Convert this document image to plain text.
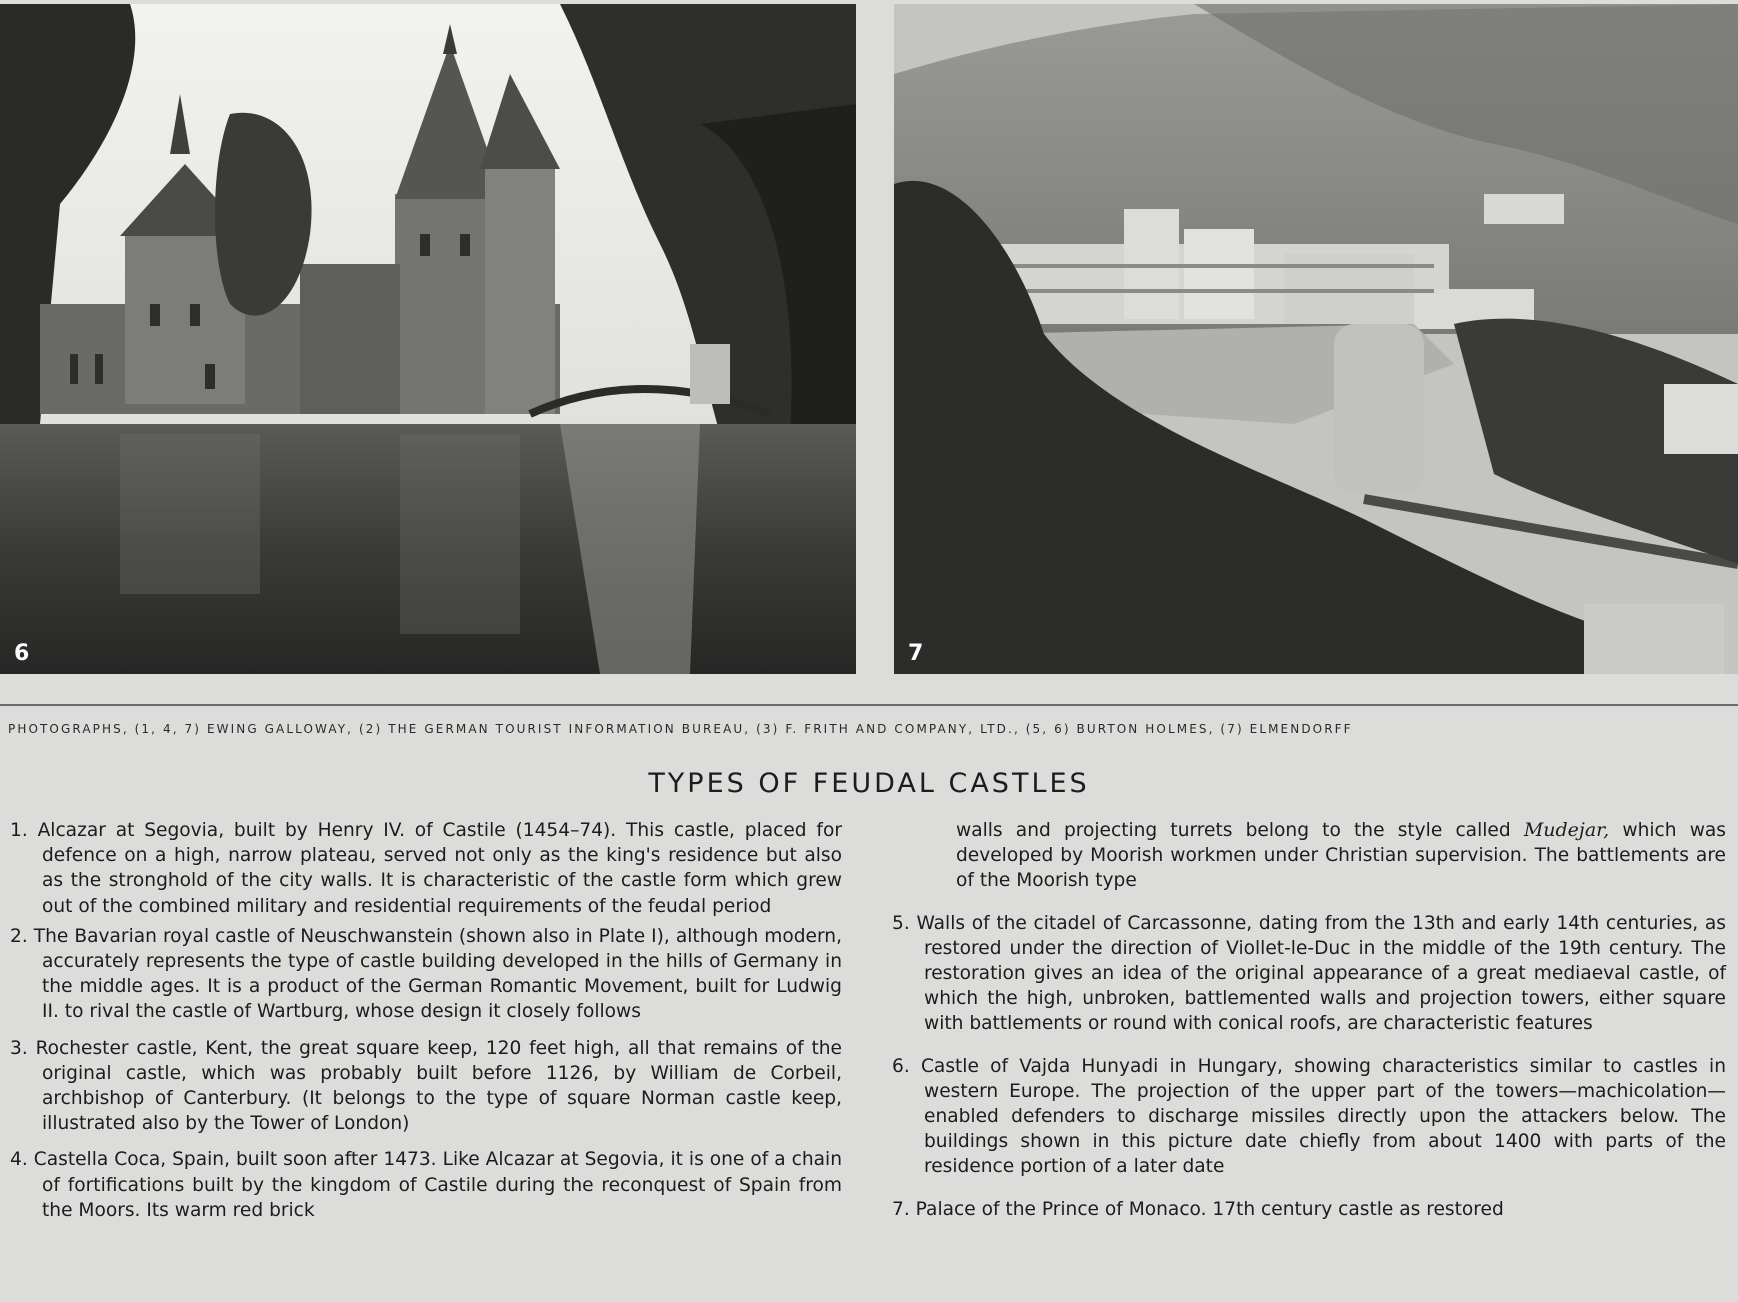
6	7
PHOTOGRAPHS, (1, 4, 7) EWING GALLOWAY, (2) THE GERMAN TOURIST INFORMATION BUREAU, (3) F. FRITH AND COMPANY, LTD., (5, 6) BURTON HOLMES, (7) ELMENDORFF
TYPES OF FEUDAL CASTLES

1. Alcazar at Segovia, built by Henry IV. of Castile (1454–74). This castle, placed for defence on a high, narrow plateau, served not only as the king's residence but also as the stronghold of the city walls. It is characteristic of the castle form which grew out of the combined military and residential requirements of the feudal period

2. The Bavarian royal castle of Neuschwanstein (shown also in Plate I), although modern, accurately represents the type of castle building developed in the hills of Germany in the middle ages. It is a product of the German Romantic Movement, built for Ludwig II. to rival the castle of Wartburg, whose design it closely follows

3. Rochester castle, Kent, the great square keep, 120 feet high, all that remains of the original castle, which was probably built before 1126, by William de Corbeil, archbishop of Canterbury. (It belongs to the type of square Norman castle keep, illustrated also by the Tower of London)

4. Castella Coca, Spain, built soon after 1473. Like Alcazar at Segovia, it is one of a chain of fortifications built by the kingdom of Castile during the reconquest of Spain from the Moors. Its warm red brick

walls and projecting turrets belong to the style called Mudejar, which was developed by Moorish workmen under Christian supervision. The battlements are of the Moorish type

5. Walls of the citadel of Carcassonne, dating from the 13th and early 14th centuries, as restored under the direction of Viollet-le-Duc in the middle of the 19th century. The restoration gives an idea of the original appearance of a great mediaeval castle, of which the high, unbroken, battlemented walls and projection towers, either square with battlements or round with conical roofs, are characteristic features

6. Castle of Vajda Hunyadi in Hungary, showing characteristics similar to castles in western Europe. The projection of the upper part of the towers—machicolation—enabled defenders to discharge missiles directly upon the attackers below. The buildings shown in this picture date chiefly from about 1400 with parts of the residence portion of a later date

7. Palace of the Prince of Monaco. 17th century castle as restored
